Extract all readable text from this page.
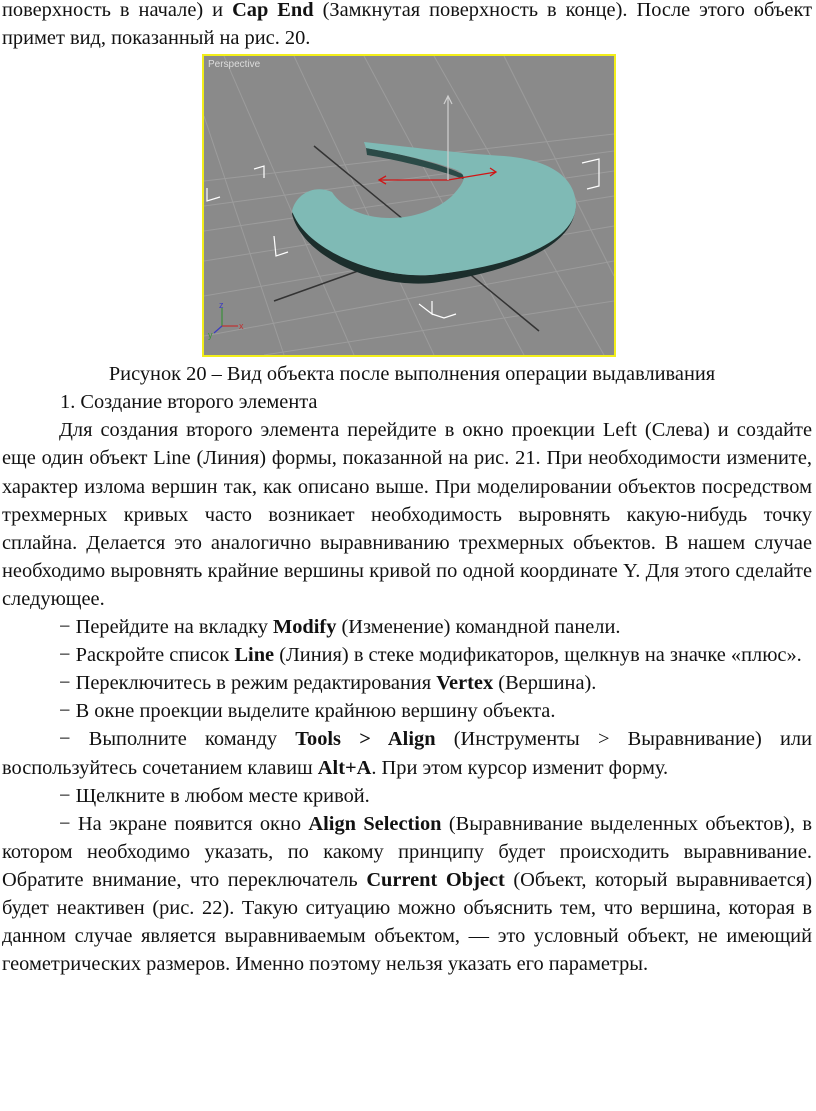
поверхность в начале) и Cap End (Замкнутая поверхность в конце). После этого объект примет вид, показанный на рис. 20.

z
y
x
Perspective
Рисунок 20 – Вид объекта после выполнения операции выдавливания
1. Создание второго элемента

Для создания второго элемента перейдите в окно проекции Left (Слева) и создайте еще один объект Line (Линия) формы, показанной на рис. 21. При необходимости измените, характер излома вершин так, как описано выше. При моделировании объектов посредством трехмерных кривых часто возникает необходимость выровнять какую-нибудь точку сплайна. Делается это аналогично выравниванию трехмерных объектов. В нашем случае необходимо выровнять крайние вершины кривой по одной координате Y. Для этого сделайте следующее.

− Перейдите на вкладку Modify (Изменение) командной панели.

− Раскройте список Line (Линия) в стеке модификаторов, щелкнув на значке «плюс».

− Переключитесь в режим редактирования Vertex (Вершина).

− В окне проекции выделите крайнюю вершину объекта.

− Выполните команду Tools > Align (Инструменты > Выравнивание) или воспользуйтесь сочетанием клавиш Alt+A. При этом курсор изменит форму.

− Щелкните в любом месте кривой.

− На экране появится окно Align Selection (Выравнивание выделенных объектов), в котором необходимо указать, по какому принципу будет происходить выравнивание. Обратите внимание, что переключатель Current Object (Объект, который выравнивается) будет неактивен (рис. 22). Такую ситуацию можно объяснить тем, что вершина, которая в данном случае является выравниваемым объектом, — это условный объект, не имеющий геометрических размеров. Именно поэтому нельзя указать его параметры.
